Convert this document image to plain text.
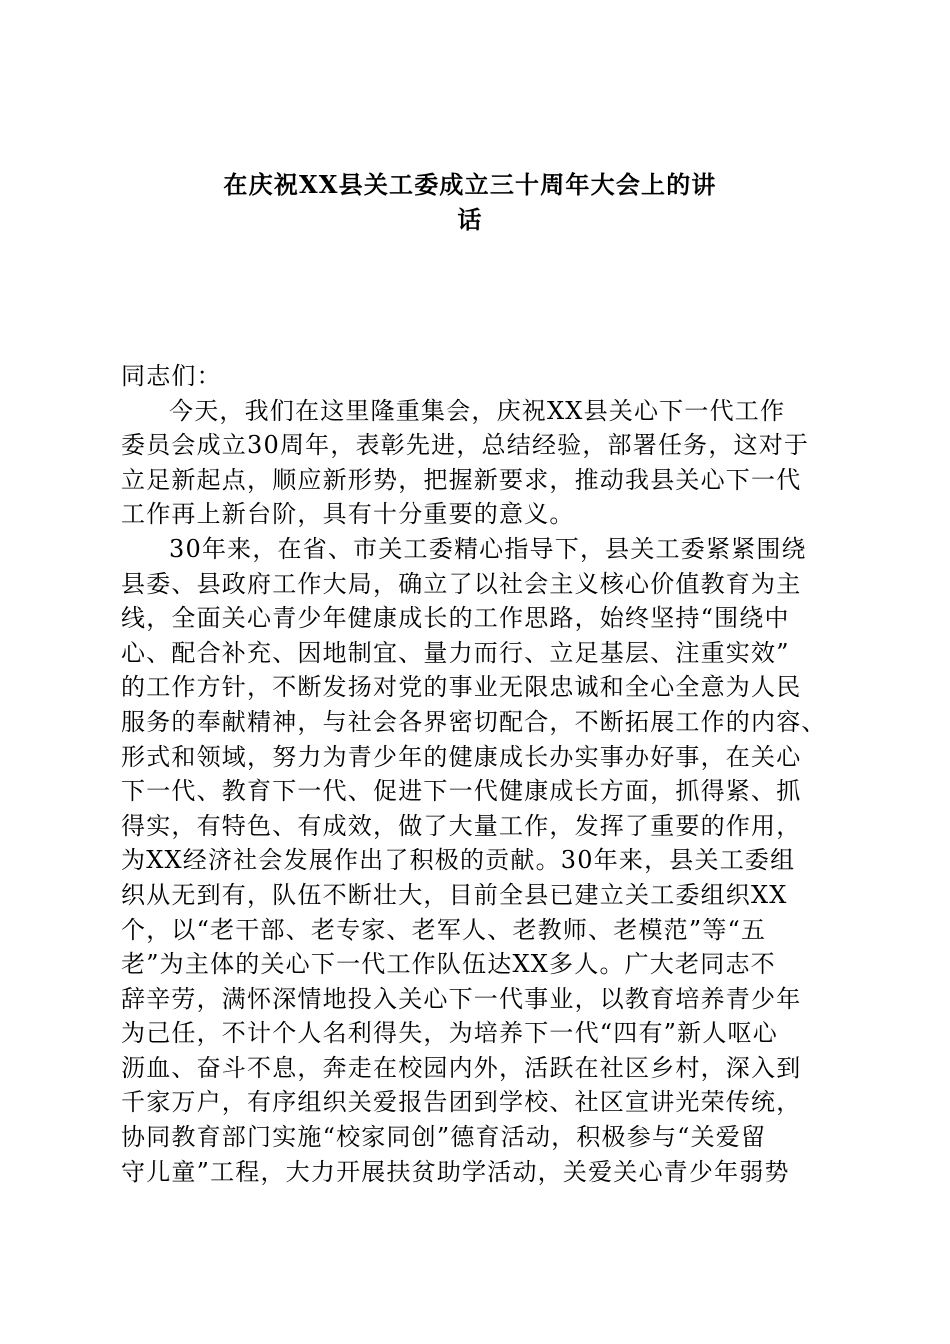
在庆祝XX县关工委成立三十周年大会上的讲
话
同志们：
今天，我们在这里隆重集会，庆祝XX县关心下一代工作
委员会成立30周年，表彰先进，总结经验，部署任务，这对于
立足新起点，顺应新形势，把握新要求，推动我县关心下一代
工作再上新台阶，具有十分重要的意义。
30年来，在省、市关工委精心指导下，县关工委紧紧围绕
县委、县政府工作大局，确立了以社会主义核心价值教育为主
线，全面关心青少年健康成长的工作思路，始终坚持“围绕中
心、配合补充、因地制宜、量力而行、立足基层、注重实效”
的工作方针，不断发扬对党的事业无限忠诚和全心全意为人民
服务的奉献精神，与社会各界密切配合，不断拓展工作的内容、
形式和领域，努力为青少年的健康成长办实事办好事，在关心
下一代、教育下一代、促进下一代健康成长方面，抓得紧、抓
得实，有特色、有成效，做了大量工作，发挥了重要的作用，
为XX经济社会发展作出了积极的贡献。30年来，县关工委组
织从无到有，队伍不断壮大，目前全县已建立关工委组织XX
个，以“老干部、老专家、老军人、老教师、老模范”等“五
老”为主体的关心下一代工作队伍达XX多人。广大老同志不
辞辛劳，满怀深情地投入关心下一代事业，以教育培养青少年
为己任，不计个人名利得失，为培养下一代“四有”新人呕心
沥血、奋斗不息，奔走在校园内外，活跃在社区乡村，深入到
千家万户，有序组织关爱报告团到学校、社区宣讲光荣传统，
协同教育部门实施“校家同创”德育活动，积极参与“关爱留
守儿童”工程，大力开展扶贫助学活动，关爱关心青少年弱势
